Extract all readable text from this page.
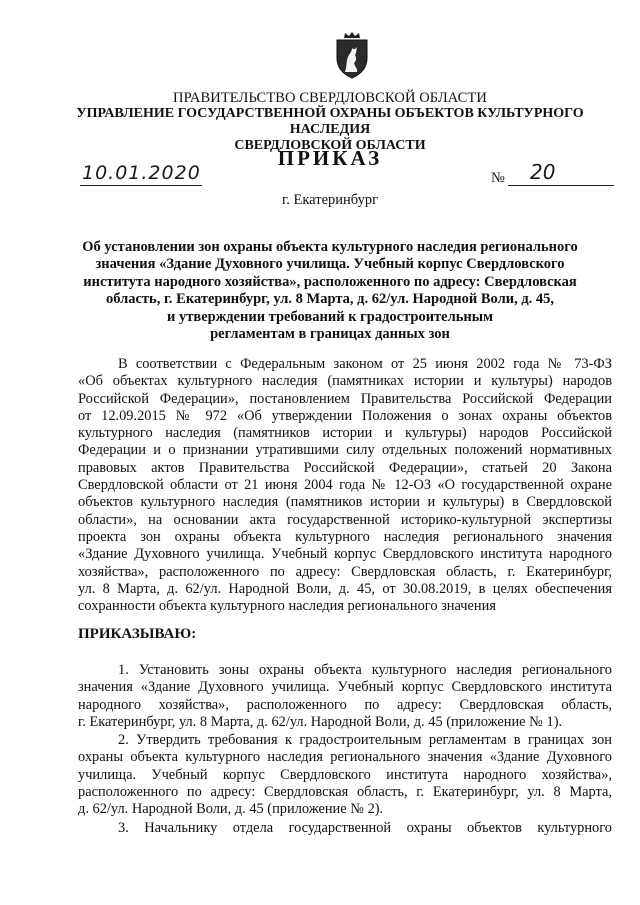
ПРАВИТЕЛЬСТВО СВЕРДЛОВСКОЙ ОБЛАСТИ
УПРАВЛЕНИЕ ГОСУДАРСТВЕННОЙ ОХРАНЫ ОБЪЕКТОВ КУЛЬТУРНОГО НАСЛЕДИЯ
СВЕРДЛОВСКОЙ ОБЛАСТИ
ПРИКАЗ
10.01.2020	№ 20
г. Екатеринбург
Об установлении зон охраны объекта культурного наследия регионального
значения «Здание Духовного училища. Учебный корпус Свердловского
института народного хозяйства», расположенного по адресу: Свердловская
область, г. Екатеринбург, ул. 8 Марта, д. 62/ул. Народной Воли, д. 45,
и утверждении требований к градостроительным
регламентам в границах данных зон
В соответствии с Федеральным законом от 25 июня 2002 года № 73-ФЗ
«Об объектах культурного наследия (памятниках истории и культуры) народов
Российской Федерации», постановлением Правительства Российской Федерации
от 12.09.2015 № 972 «Об утверждении Положения о зонах охраны объектов
культурного наследия (памятников истории и культуры) народов Российской
Федерации и о признании утратившими силу отдельных положений нормативных
правовых актов Правительства Российской Федерации», статьей 20 Закона
Свердловской области от 21 июня 2004 года № 12-ОЗ «О государственной охране
объектов культурного наследия (памятников истории и культуры) в Свердловской
области», на основании акта государственной историко-культурной экспертизы
проекта зон охраны объекта культурного наследия регионального значения
«Здание Духовного училища. Учебный корпус Свердловского института народного
хозяйства», расположенного по адресу: Свердловская область, г. Екатеринбург,
ул. 8 Марта, д. 62/ул. Народной Воли, д. 45, от 30.08.2019, в целях обеспечения
сохранности объекта культурного наследия регионального значения
ПРИКАЗЫВАЮ:
1. Установить зоны охраны объекта культурного наследия регионального
значения «Здание Духовного училища. Учебный корпус Свердловского института
народного хозяйства», расположенного по адресу: Свердловская область,
г. Екатеринбург, ул. 8 Марта, д. 62/ул. Народной Воли, д. 45 (приложение № 1).
2. Утвердить требования к градостроительным регламентам в границах зон
охраны объекта культурного наследия регионального значения «Здание Духовного
училища. Учебный корпус Свердловского института народного хозяйства»,
расположенного по адресу: Свердловская область, г. Екатеринбург, ул. 8 Марта,
д. 62/ул. Народной Воли, д. 45 (приложение № 2).
3. Начальнику отдела государственной охраны объектов культурного
